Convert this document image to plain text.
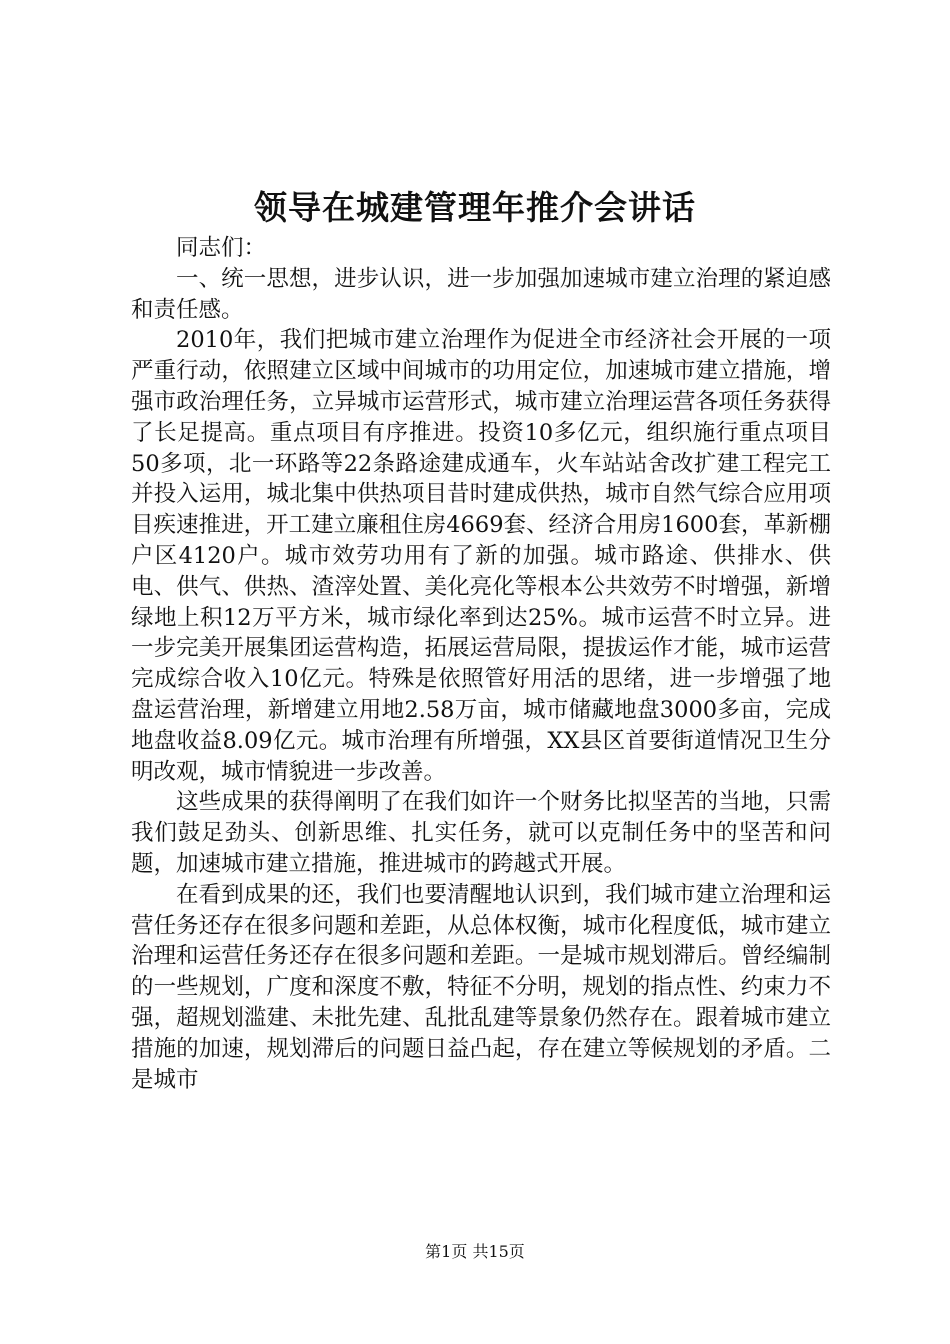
领导在城建管理年推介会讲话

同志们：

一、统一思想，进步认识，进一步加强加速城市建立治理的紧迫感和责任感。

2010年，我们把城市建立治理作为促进全市经济社会开展的一项严重行动，依照建立区域中间城市的功用定位，加速城市建立措施，增强市政治理任务，立异城市运营形式，城市建立治理运营各项任务获得了长足提高。重点项目有序推进。投资10多亿元，组织施行重点项目50多项，北一环路等22条路途建成通车，火车站站舍改扩建工程完工并投入运用，城北集中供热项目昔时建成供热，城市自然气综合应用项目疾速推进，开工建立廉租住房4669套、经济合用房1600套，革新棚户区4120户。城市效劳功用有了新的加强。城市路途、供排水、供电、供气、供热、渣滓处置、美化亮化等根本公共效劳不时增强，新增绿地上积12万平方米，城市绿化率到达25%。城市运营不时立异。进一步完美开展集团运营构造，拓展运营局限，提拔运作才能，城市运营完成综合收入10亿元。特殊是依照管好用活的思绪，进一步增强了地盘运营治理，新增建立用地2.58万亩，城市储藏地盘3000多亩，完成地盘收益8.09亿元。城市治理有所增强，XX县区首要街道情况卫生分明改观，城市情貌进一步改善。

这些成果的获得阐明了在我们如许一个财务比拟坚苦的当地，只需我们鼓足劲头、创新思维、扎实任务，就可以克制任务中的坚苦和问题，加速城市建立措施，推进城市的跨越式开展。

在看到成果的还，我们也要清醒地认识到，我们城市建立治理和运营任务还存在很多问题和差距，从总体权衡，城市化程度低，城市建立治理和运营任务还存在很多问题和差距。一是城市规划滞后。曾经编制的一些规划，广度和深度不敷，特征不分明，规划的指点性、约束力不强，超规划滥建、未批先建、乱批乱建等景象仍然存在。跟着城市建立措施的加速，规划滞后的问题日益凸起，存在建立等候规划的矛盾。二是城市

第1页 共15页
